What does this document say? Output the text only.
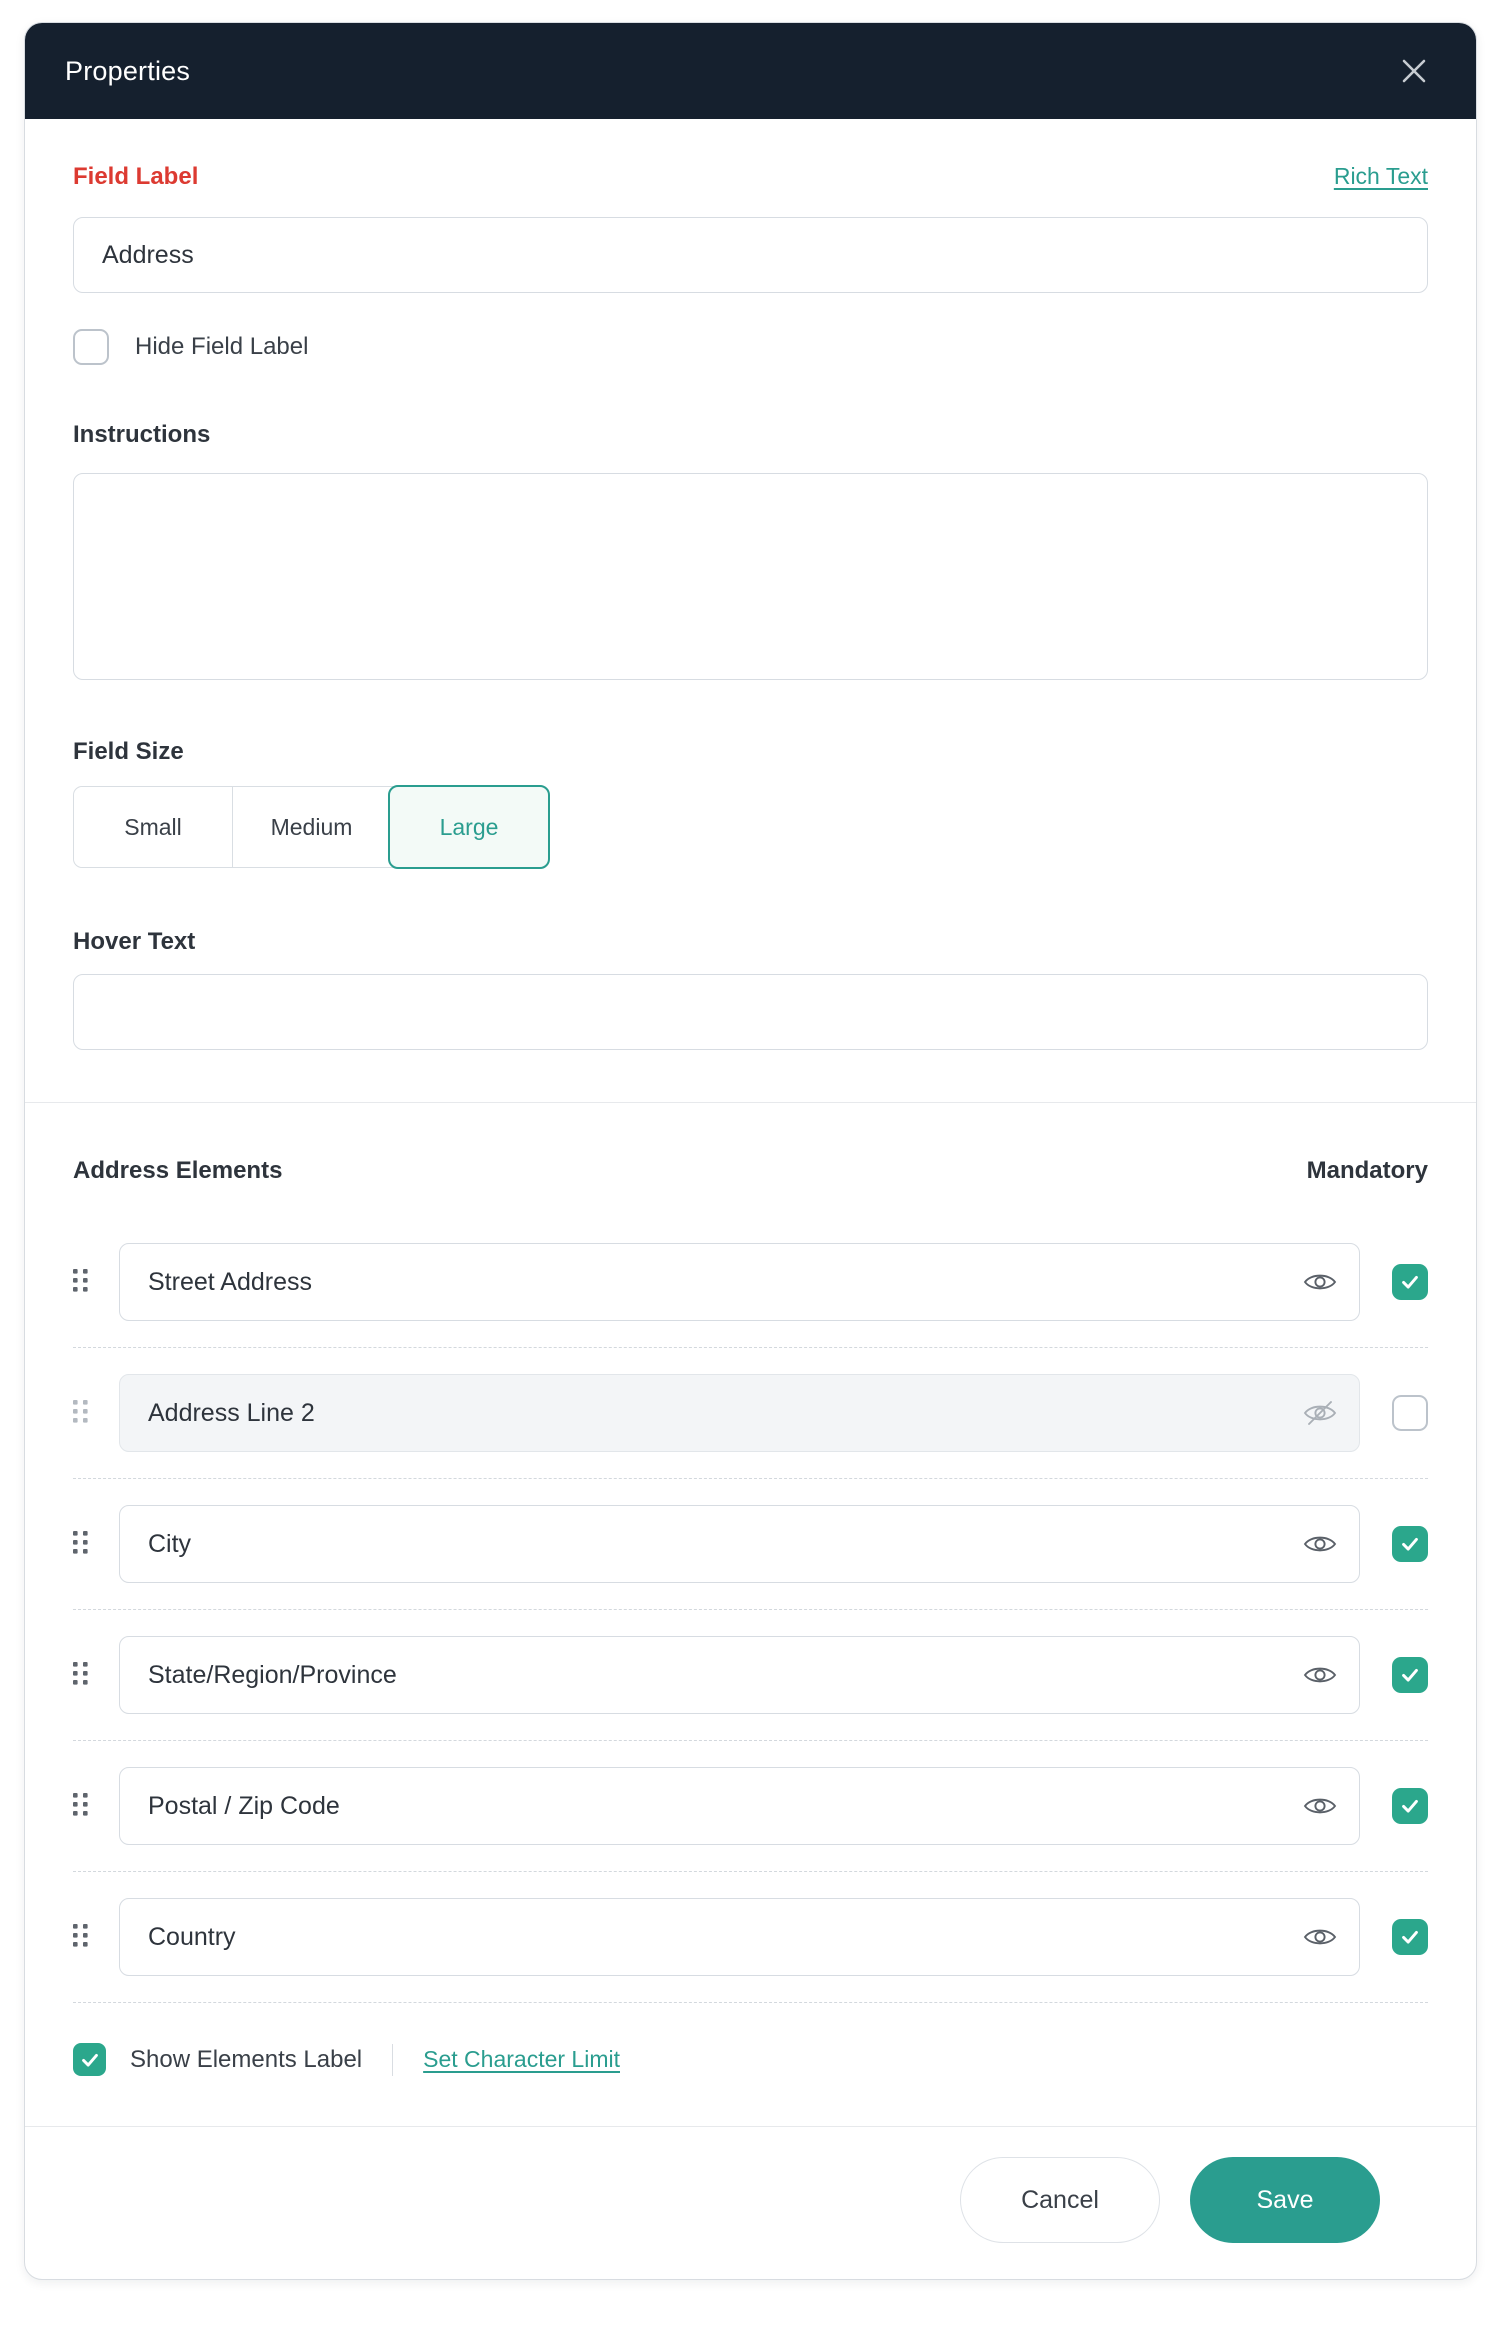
Properties
Field Label	Rich Text
Address
Hide Field Label
Instructions
Field Size
Small	Medium	Large
Hover Text
Address Elements	Mandatory
Street Address
Address Line 2
City
State/Region/Province
Postal / Zip Code
Country
Show Elements Label	Set Character Limit
Cancel	Save
